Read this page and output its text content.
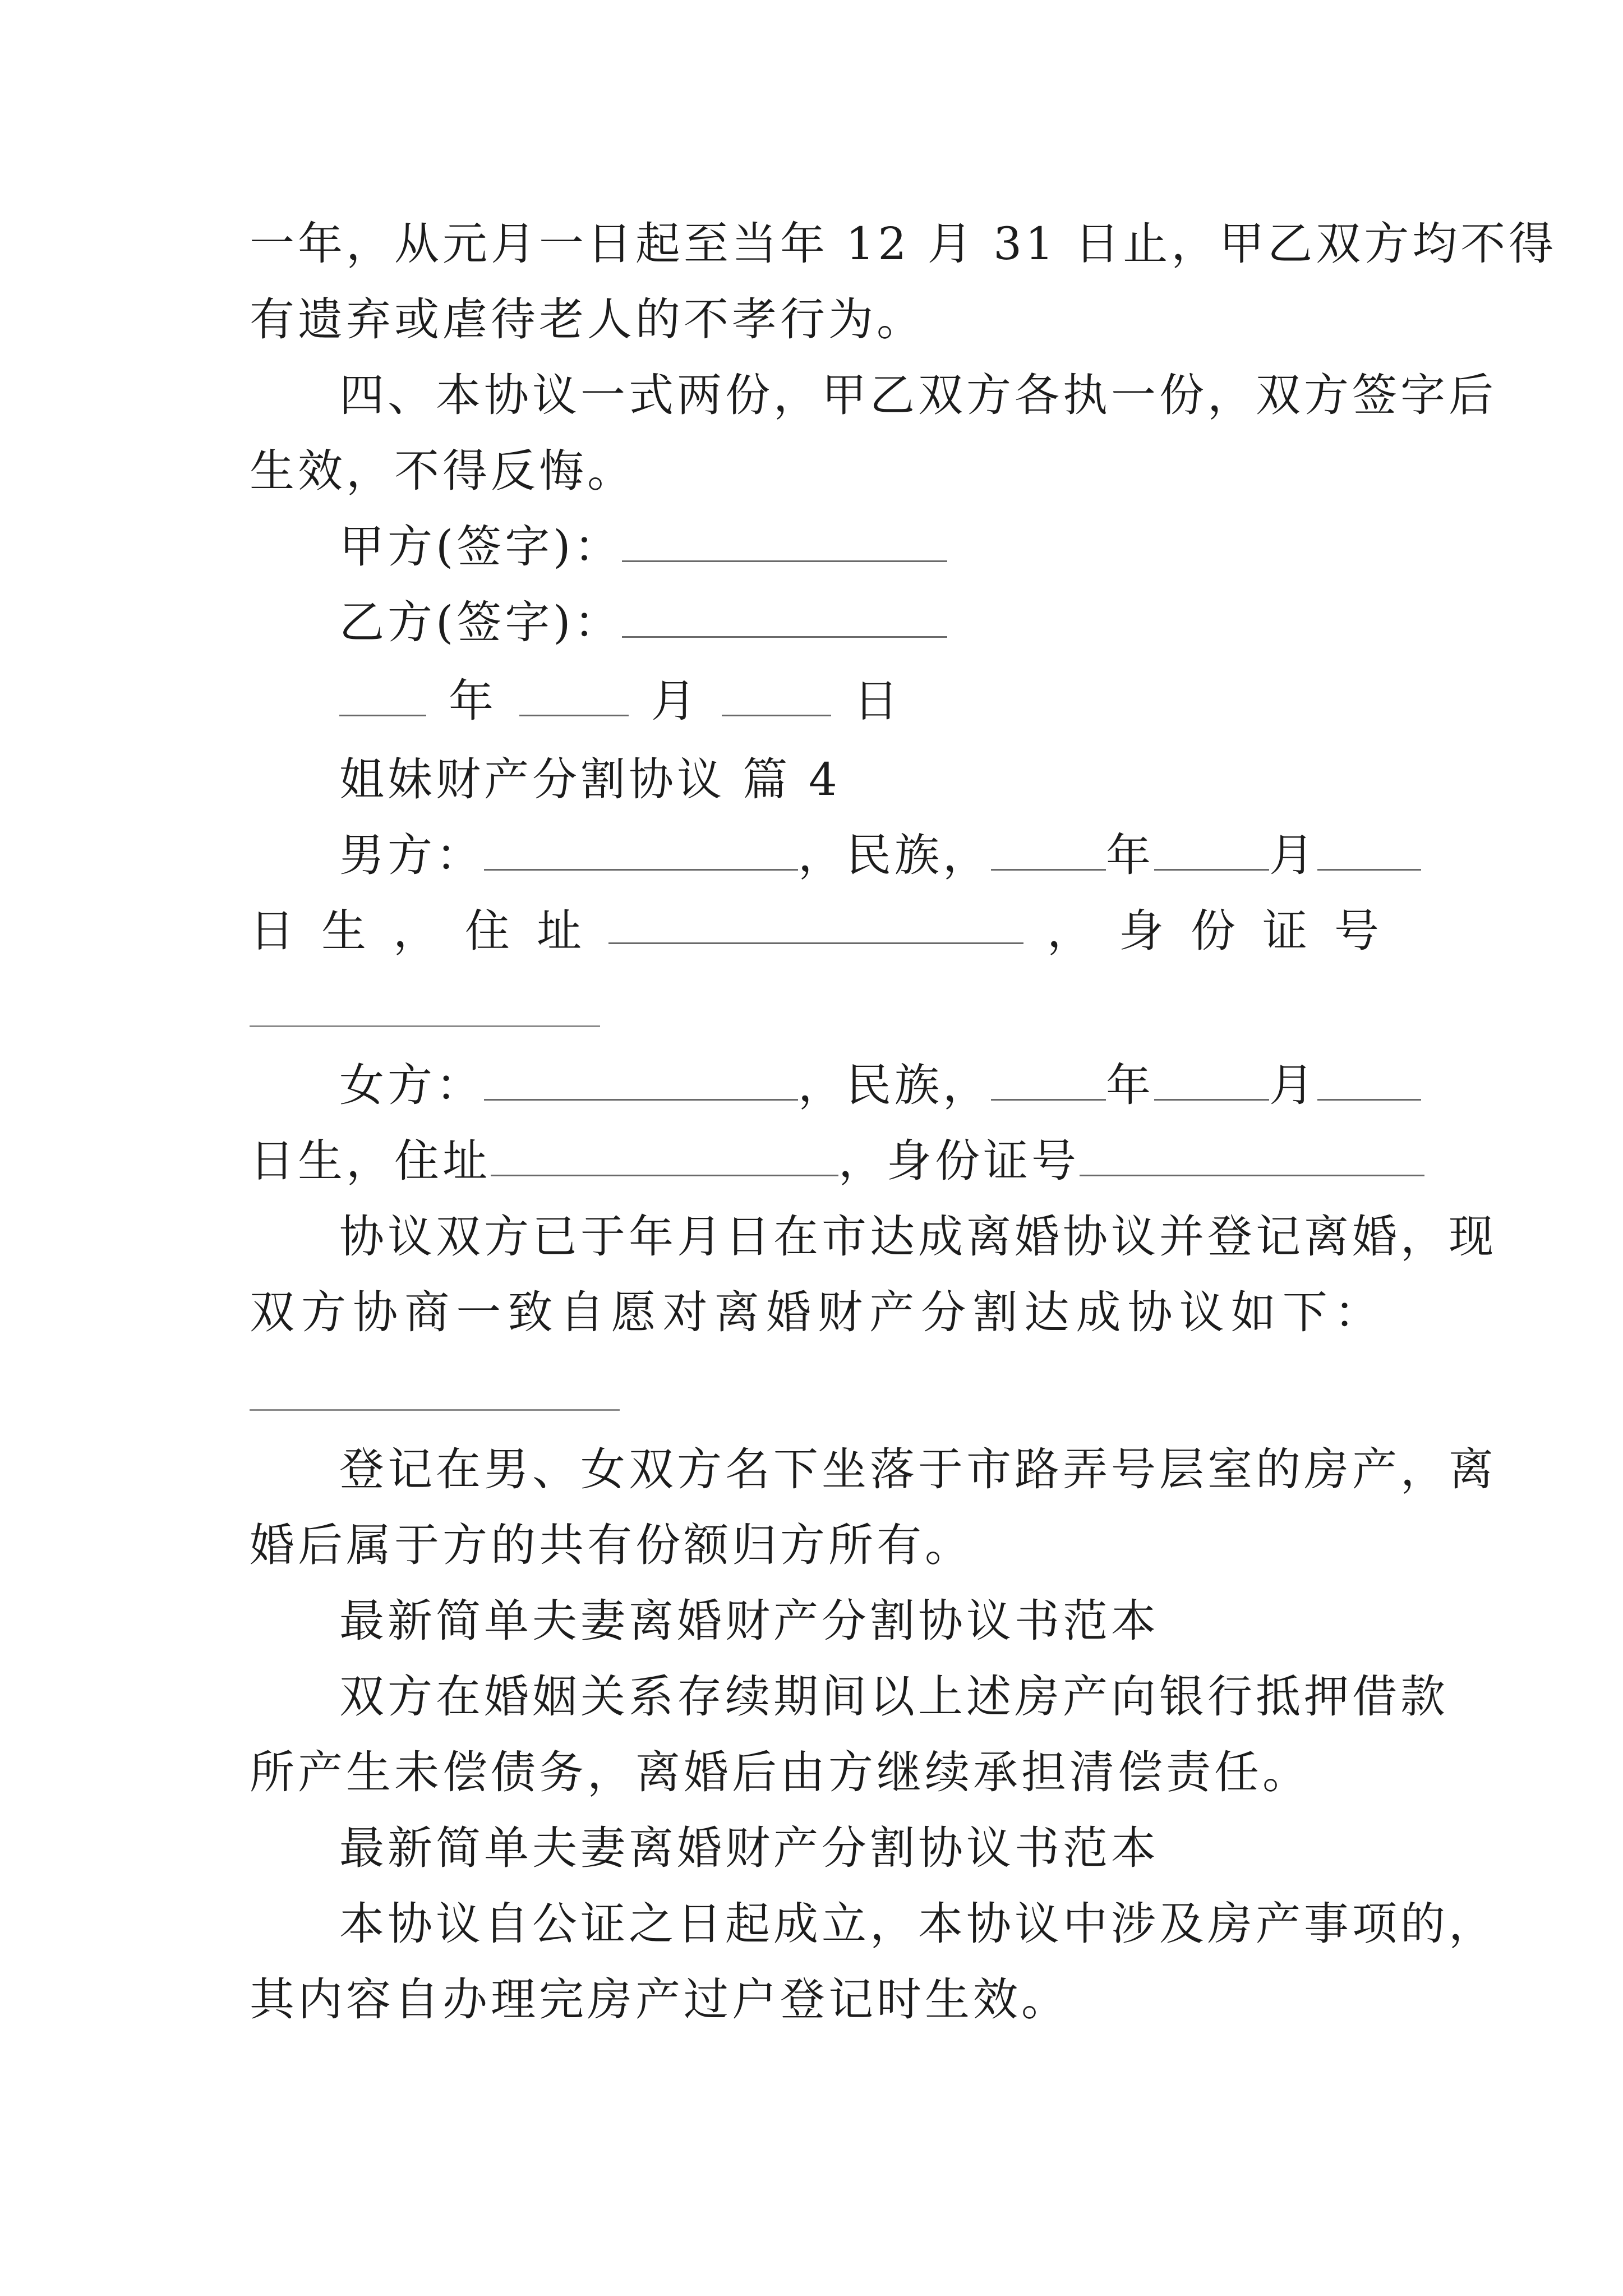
一年，从元月一日起至当年 12 月 31 日止，甲乙双方均不得
有遗弃或虐待老人的不孝行为。
四、本协议一式两份，甲乙双方各执一份，双方签字后
生效，不得反悔。
甲方(签字)：
乙方(签字)：
年	月	日
姐妹财产分割协议 篇 4
男方：	，民族，	年	月
日 生 ， 住 址	， 身 份 证 号
女方：	，民族，	年	月
日生，住址	，身份证号
协议双方已于年月日在市达成离婚协议并登记离婚，现
双 方 协 商 一 致 自 愿 对 离 婚 财 产 分 割 达 成 协 议 如 下 ：
登记在男、女双方名下坐落于市路弄号层室的房产，离
婚后属于方的共有份额归方所有。
最新简单夫妻离婚财产分割协议书范本
双方在婚姻关系存续期间以上述房产向银行抵押借款
所产生未偿债务，离婚后由方继续承担清偿责任。
最新简单夫妻离婚财产分割协议书范本
本协议自公证之日起成立，本协议中涉及房产事项的，
其内容自办理完房产过户登记时生效。
